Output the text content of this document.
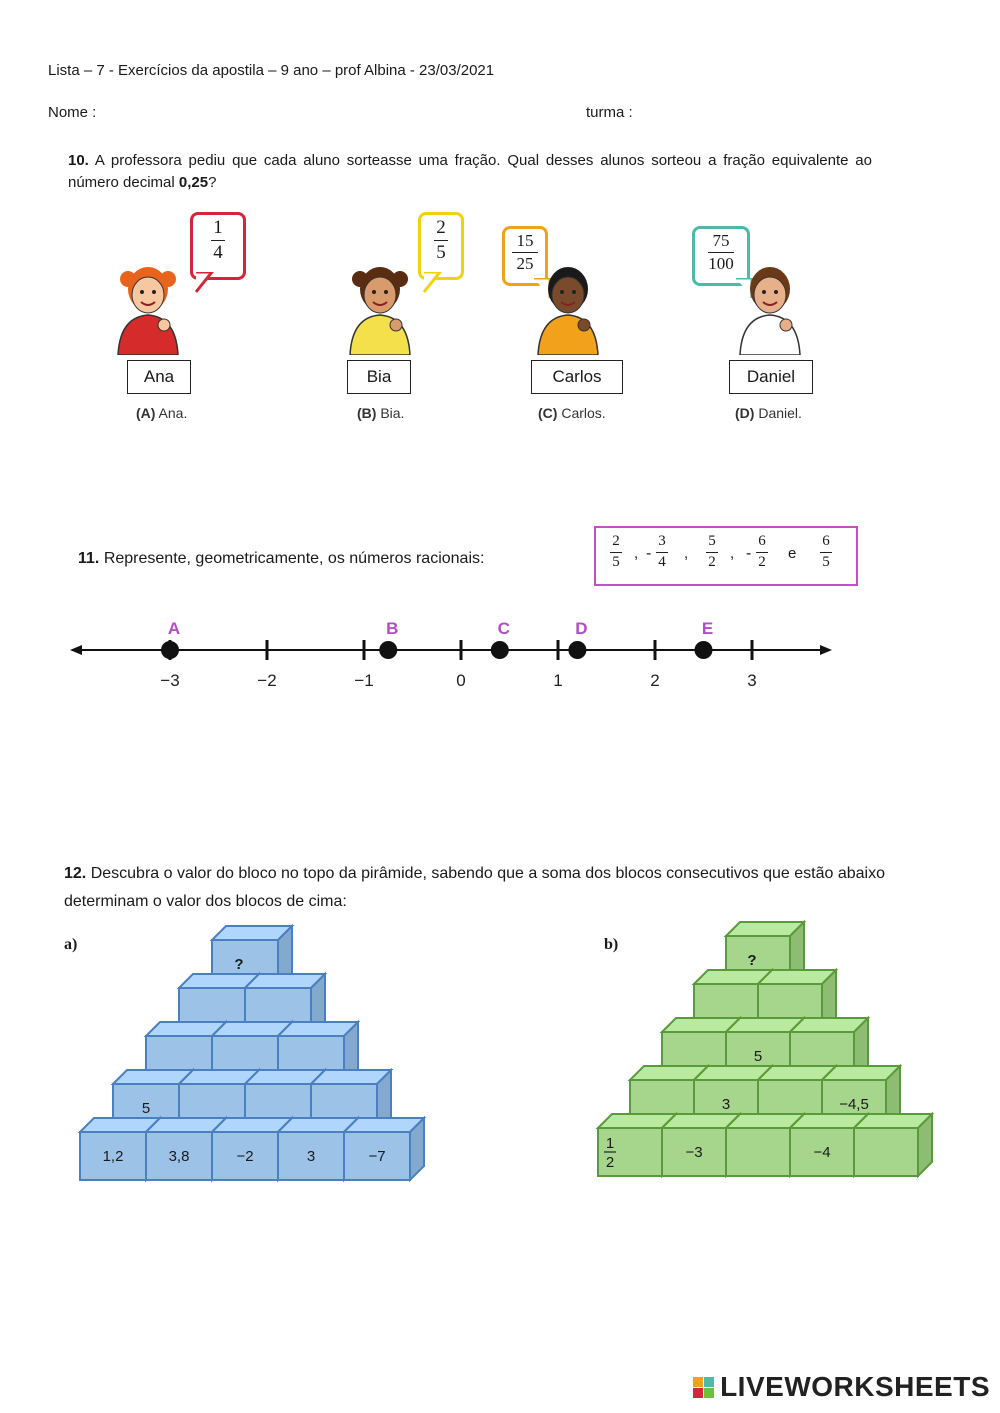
Lista – 7 - Exercícios da apostila – 9 ano – prof Albina - 23/03/2021
Nome :	turma :
10. A professora pediu que cada aluno sorteasse uma fração. Qual desses alunos sorteou a fração equivalente ao número decimal 0,25?
1
4
Ana
(A) Ana.
2
5
Bia
(B) Bia.
15
25
Carlos
(C) Carlos.
75
100
Daniel
(D) Daniel.
11. Represente, geometricamente, os números racionais:
2
5
-
3
4
5
2
-
6
2
6
5
,	,	,	e
−3	−2	−1	0	1	2	3
A	B	C	D	E
12. Descubra o valor do bloco no topo da pirâmide, sabendo que a soma dos blocos consecutivos que estão abaixo determinam o valor dos blocos de cima:
a)	b)
?
5
1,2	3,8	−2	3	−7
?
5
3	−4,5
1
2
−3	−4
LIVEWORKSHEETS
